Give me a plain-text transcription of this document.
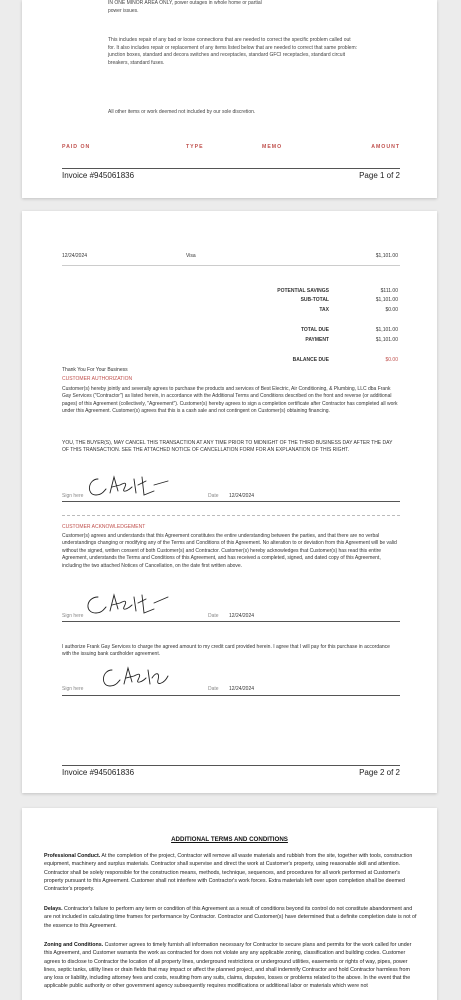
IN ONE MINOR AREA ONLY, power outages in whole home or partial
power issues.
This includes repair of any bad or loose connections that are needed to correct the specific problem called out for. It also includes repair or replacement of any items listed below that are needed to correct that same problem: junction boxes, standard and decora switches and receptacles, standard GFCI receptacles, standard circuit breakers, standard fuses.
All other items or work deemed not included by our sole discretion.
PAID ON	TYPE	MEMO	AMOUNT
Invoice #945061836	Page 1 of 2
12/24/2024	Visa	$1,101.00
POTENTIAL SAVINGS	$111.00
SUB-TOTAL	$1,101.00
TAX	$0.00
TOTAL DUE	$1,101.00
PAYMENT	$1,101.00
BALANCE DUE	$0.00
Thank You For Your Business
CUSTOMER AUTHORIZATION
Customer(s) hereby jointly and severally agrees to purchase the products and services of Best Electric, Air Conditioning, & Plumbing, LLC dba Frank Gay Services ("Contractor") as listed herein, in accordance with the Additional Terms and Conditions described on the front and reverse (or additional pages) of this Agreement (collectively, "Agreement"). Customer(s) hereby agrees to sign a completion certificate after Contractor has completed all work under this Agreement. Customer(s) agrees that this is a cash sale and not contingent on Customer(s) obtaining financing.
YOU, THE BUYER(S), MAY CANCEL THIS TRANSACTION AT ANY TIME PRIOR TO MIDNIGHT OF THE THIRD BUSINESS DAY AFTER THE DAY OF THIS TRANSACTION. SEE THE ATTACHED NOTICE OF CANCELLATION FORM FOR AN EXPLANATION OF THIS RIGHT.
Sign here	Date 12/24/2024
CUSTOMER ACKNOWLEDGEMENT
Customer(s) agrees and understands that this Agreement constitutes the entire understanding between the parties, and that there are no verbal understandings changing or modifying any of the Terms and Conditions of this Agreement. No alteration to or deviation from this Agreement will be valid without the signed, written consent of both Customer(s) and Contractor. Customer(s) hereby acknowledges that Customer(s) has read this entire Agreement, understands the Terms and Conditions of this Agreement, and has received a completed, signed, and dated copy of this Agreement, including the two attached Notices of Cancellation, on the date first written above.
Sign here	Date 12/24/2024
I authorize Frank Gay Services to charge the agreed amount to my credit card provided herein. I agree that I will pay for this purchase in accordance with the issuing bank cardholder agreement.
Sign here	Date 12/24/2024
Invoice #945061836	Page 2 of 2
ADDITIONAL TERMS AND CONDITIONS
Professional Conduct. At the completion of the project, Contractor will remove all waste materials and rubbish from the site, together with tools, construction equipment, machinery and surplus materials. Contractor shall supervise and direct the work at Customer's property, using reasonable skill and attention. Contractor shall be solely responsible for the construction means, methods, technique, sequences, and procedures for all work performed at Customer's property pursuant to this Agreement. Customer shall not interfere with Contractor's work forces. Extra materials left over upon completion shall be deemed Contractor's property.
Delays. Contractor's failure to perform any term or condition of this Agreement as a result of conditions beyond its control do not constitute abandonment and are not included in calculating time frames for performance by Contractor. Contractor and Customer(s) have determined that a definite completion date is not of the essence to this Agreement.
Zoning and Conditions. Customer agrees to timely furnish all information necessary for Contractor to secure plans and permits for the work called for under this Agreement, and Customer warrants the work as contracted for does not violate any any applicable zoning, classification and building codes. Customer agrees to disclose to Contractor the location of all property lines, underground restrictions or underground utilities, easements or rights of way, pipes, power lines, septic tanks, utility lines or drain fields that may impact or affect the planned project, and shall indemnify Contractor and hold Contractor harmless from any loss or liability, including attorney fees and costs, resulting from any suits, claims, disputes, losses or problems related to the above. In the event that the applicable public authority or other government agency subsequently requires modifications or additional labor or materials which were not
